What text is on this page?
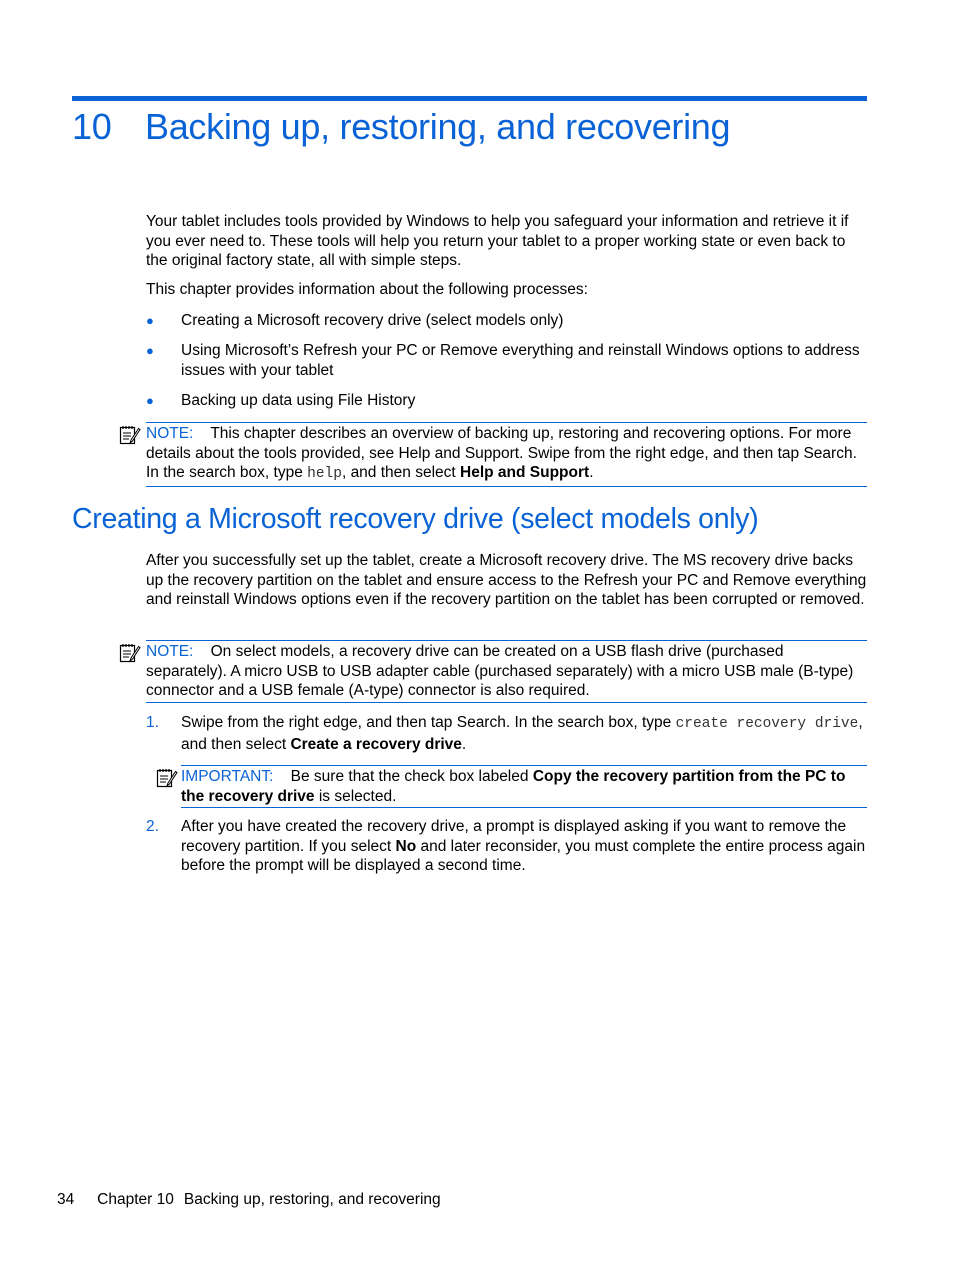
10 Backing up, restoring, and recovering

Your tablet includes tools provided by Windows to help you safeguard your information and retrieve it if you ever need to. These tools will help you return your tablet to a proper working state or even back to the original factory state, all with simple steps.

This chapter provides information about the following processes:

● Creating a Microsoft recovery drive (select models only)
● Using Microsoft’s Refresh your PC or Remove everything and reinstall Windows options to address issues with your tablet
● Backing up data using File History
NOTE: This chapter describes an overview of backing up, restoring and recovering options. For more details about the tools provided, see Help and Support. Swipe from the right edge, and then tap Search. In the search box, type help, and then select Help and Support.
Creating a Microsoft recovery drive (select models only)

After you successfully set up the tablet, create a Microsoft recovery drive. The MS recovery drive backs up the recovery partition on the tablet and ensure access to the Refresh your PC and Remove everything and reinstall Windows options even if the recovery partition on the tablet has been corrupted or removed.

NOTE: On select models, a recovery drive can be created on a USB flash drive (purchased separately). A micro USB to USB adapter cable (purchased separately) with a micro USB male (B-type) connector and a USB female (A-type) connector is also required.
1. Swipe from the right edge, and then tap Search. In the search box, type create recovery drive, and then select Create a recovery drive.
IMPORTANT: Be sure that the check box labeled Copy the recovery partition from the PC to the recovery drive is selected.
2. After you have created the recovery drive, a prompt is displayed asking if you want to remove the recovery partition. If you select No and later reconsider, you must complete the entire process again before the prompt will be displayed a second time.
34 Chapter 10 Backing up, restoring, and recovering
